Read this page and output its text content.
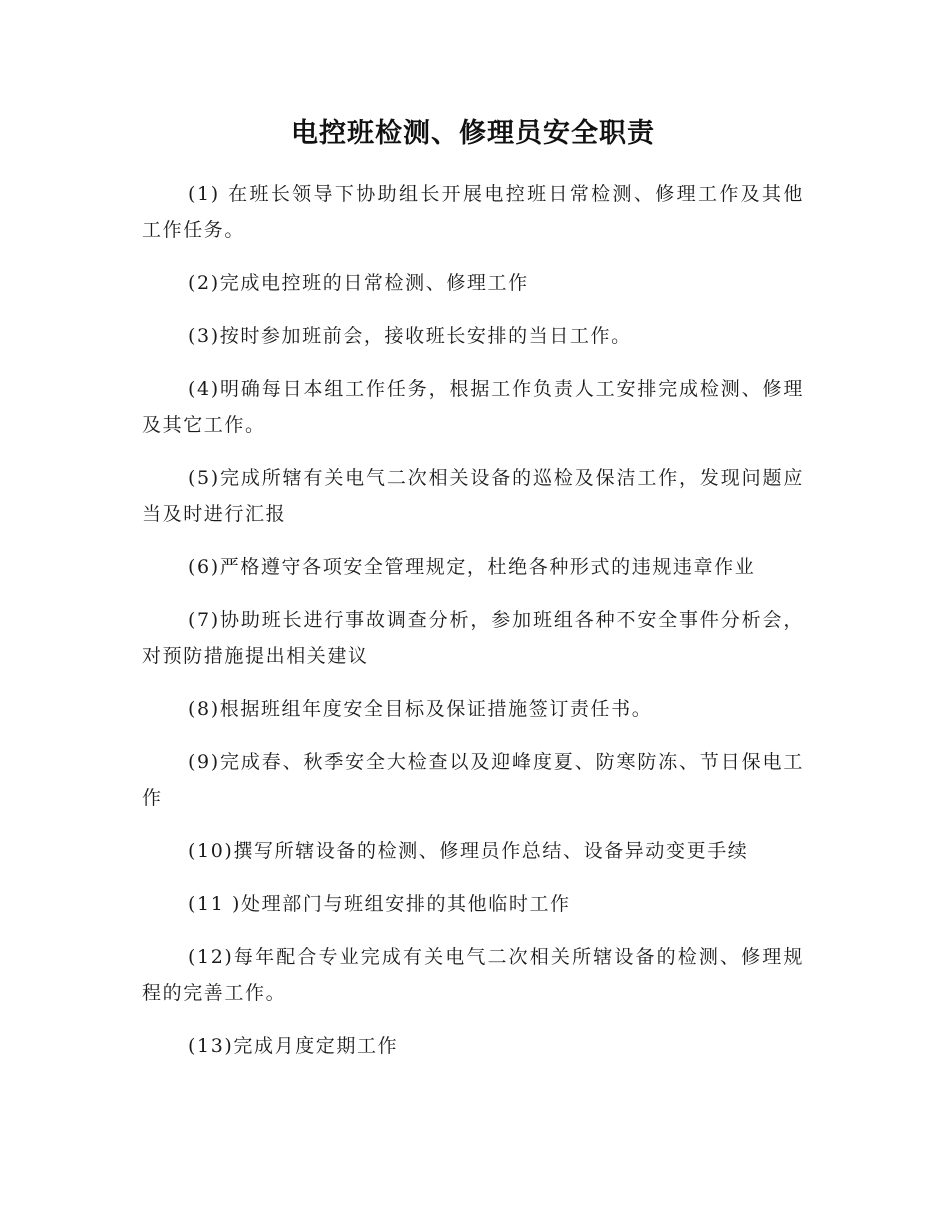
电控班检测、修理员安全职责

(1) 在班长领导下协助组长开展电控班日常检测、修理工作及其他工作任务。

(2)完成电控班的日常检测、修理工作

(3)按时参加班前会，接收班长安排的当日工作。

(4)明确每日本组工作任务，根据工作负责人工安排完成检测、修理及其它工作。

(5)完成所辖有关电气二次相关设备的巡检及保洁工作，发现问题应当及时进行汇报

(6)严格遵守各项安全管理规定，杜绝各种形式的违规违章作业

(7)协助班长进行事故调查分析，参加班组各种不安全事件分析会，对预防措施提出相关建议

(8)根据班组年度安全目标及保证措施签订责任书。

(9)完成春、秋季安全大检查以及迎峰度夏、防寒防冻、节日保电工作

(10)撰写所辖设备的检测、修理员作总结、设备异动变更手续

(11 )处理部门与班组安排的其他临时工作

(12)每年配合专业完成有关电气二次相关所辖设备的检测、修理规程的完善工作。

(13)完成月度定期工作
